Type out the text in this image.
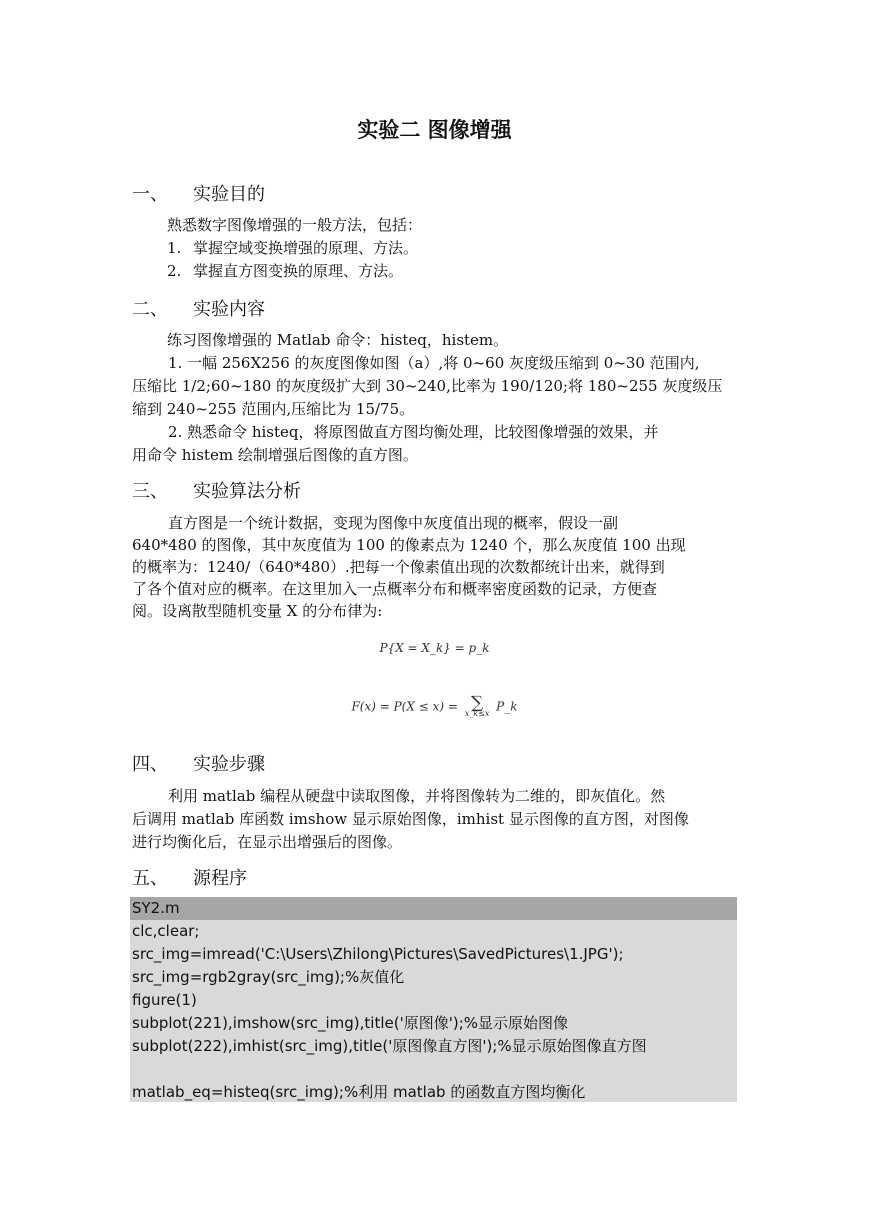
实验二 图像增强
一、	实验目的
熟悉数字图像增强的一般方法，包括：
1. 掌握空域变换增强的原理、方法。
2. 掌握直方图变换的原理、方法。
二、	实验内容
练习图像增强的 Matlab 命令：histeq，histem。
1. 一幅 256X256 的灰度图像如图（a）,将 0~60 灰度级压缩到 0~30 范围内,
压缩比 1/2;60~180 的灰度级扩大到 30~240,比率为 190/120;将 180~255 灰度级压
缩到 240~255 范围内,压缩比为 15/75。
2. 熟悉命令 histeq，将原图做直方图均衡处理，比较图像增强的效果，并
用命令 histem 绘制增强后图像的直方图。
三、	实验算法分析
直方图是一个统计数据，变现为图像中灰度值出现的概率，假设一副
640*480 的图像，其中灰度值为 100 的像素点为 1240 个，那么灰度值 100 出现
的概率为：1240/（640*480）.把每一个像素值出现的次数都统计出来，就得到
了各个值对应的概率。在这里加入一点概率分布和概率密度函数的记录，方便查
阅。设离散型随机变量 X 的分布律为:
P{X = X_k} = p_k
F(x) = P(X ≤ x) = ∑
x_k≤x P_k
四、	实验步骤
利用 matlab 编程从硬盘中读取图像，并将图像转为二维的，即灰值化。然
后调用 matlab 库函数 imshow 显示原始图像，imhist 显示图像的直方图，对图像
进行均衡化后，在显示出增强后的图像。
五、	源程序
SY2.m
clc,clear;
src_img=imread('C:\Users\Zhilong\Pictures\SavedPictures\1.JPG');
src_img=rgb2gray(src_img);%灰值化
figure(1)
subplot(221),imshow(src_img),title('原图像');%显示原始图像
subplot(222),imhist(src_img),title('原图像直方图');%显示原始图像直方图
matlab_eq=histeq(src_img);%利用 matlab 的函数直方图均衡化
